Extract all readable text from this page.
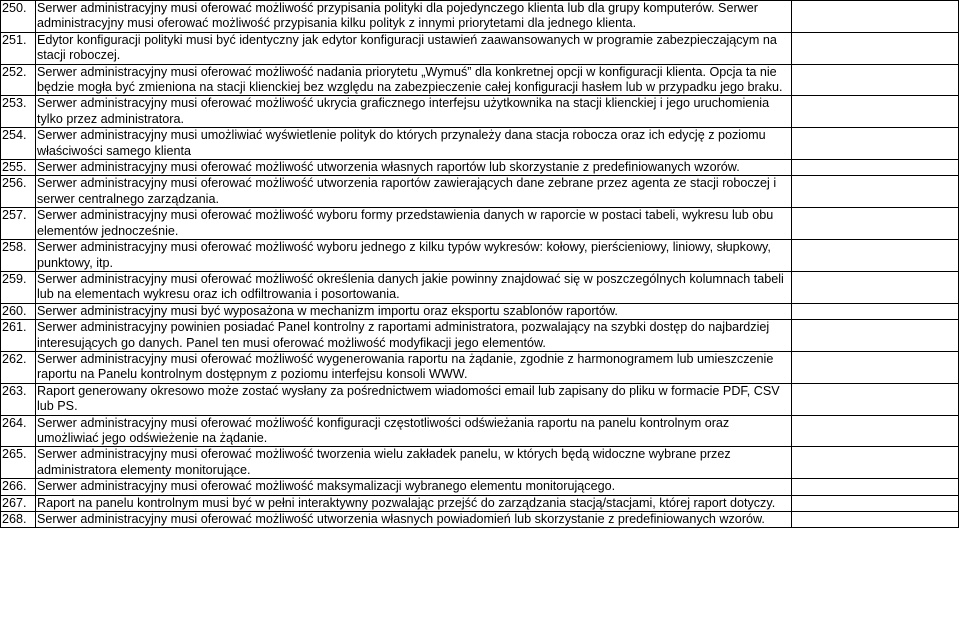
250.	Serwer administracyjny musi oferować możliwość przypisania polityki dla pojedynczego klienta lub dla grupy komputerów. Serwer administracyjny musi oferować możliwość przypisania kilku polityk z innymi priorytetami dla jednego klienta.	
251.	Edytor konfiguracji polityki musi być identyczny jak edytor konfiguracji ustawień zaawansowanych w programie zabezpieczającym na stacji roboczej.	
252.	Serwer administracyjny musi oferować możliwość nadania priorytetu „Wymuś” dla konkretnej opcji w konfiguracji klienta. Opcja ta nie będzie mogła być zmieniona na stacji klienckiej bez względu na zabezpieczenie całej konfiguracji hasłem lub w przypadku jego braku.	
253.	Serwer administracyjny musi oferować możliwość ukrycia graficznego interfejsu użytkownika na stacji klienckiej i jego uruchomienia tylko przez administratora.	
254.	Serwer administracyjny musi umożliwiać wyświetlenie polityk do których przynależy dana stacja robocza oraz ich edycję z poziomu właściwości samego klienta	
255.	Serwer administracyjny musi oferować możliwość utworzenia własnych raportów lub skorzystanie z predefiniowanych wzorów.	
256.	Serwer administracyjny musi oferować możliwość utworzenia raportów zawierających dane zebrane przez agenta ze stacji roboczej i serwer centralnego zarządzania.	
257.	Serwer administracyjny musi oferować możliwość wyboru formy przedstawienia danych w raporcie w postaci tabeli, wykresu lub obu elementów jednocześnie.	
258.	Serwer administracyjny musi oferować możliwość wyboru jednego z kilku typów wykresów: kołowy, pierścieniowy, liniowy, słupkowy, punktowy, itp.	
259.	Serwer administracyjny musi oferować możliwość określenia danych jakie powinny znajdować się w poszczególnych kolumnach tabeli lub na elementach wykresu oraz ich odfiltrowania i posortowania.	
260.	Serwer administracyjny musi być wyposażona w mechanizm importu oraz eksportu szablonów raportów.	
261.	Serwer administracyjny powinien posiadać Panel kontrolny z raportami administratora, pozwalający na szybki dostęp do najbardziej interesujących go danych. Panel ten musi oferować możliwość modyfikacji jego elementów.	
262.	Serwer administracyjny musi oferować możliwość wygenerowania raportu na żądanie, zgodnie z harmonogramem lub umieszczenie raportu na Panelu kontrolnym dostępnym z poziomu interfejsu konsoli WWW.	
263.	Raport generowany okresowo może zostać wysłany za pośrednictwem wiadomości email lub zapisany do pliku w formacie PDF, CSV lub PS.	
264.	Serwer administracyjny musi oferować możliwość konfiguracji częstotliwości odświeżania raportu na panelu kontrolnym oraz umożliwiać jego odświeżenie na żądanie.	
265.	Serwer administracyjny musi oferować możliwość tworzenia wielu zakładek panelu, w których będą widoczne wybrane przez administratora elementy monitorujące.	
266.	Serwer administracyjny musi oferować możliwość maksymalizacji wybranego elementu monitorującego.	
267.	Raport na panelu kontrolnym musi być w pełni interaktywny pozwalając przejść do zarządzania stacją/stacjami, której raport dotyczy.	
268.	Serwer administracyjny musi oferować możliwość utworzenia własnych powiadomień lub skorzystanie z predefiniowanych wzorów.	
